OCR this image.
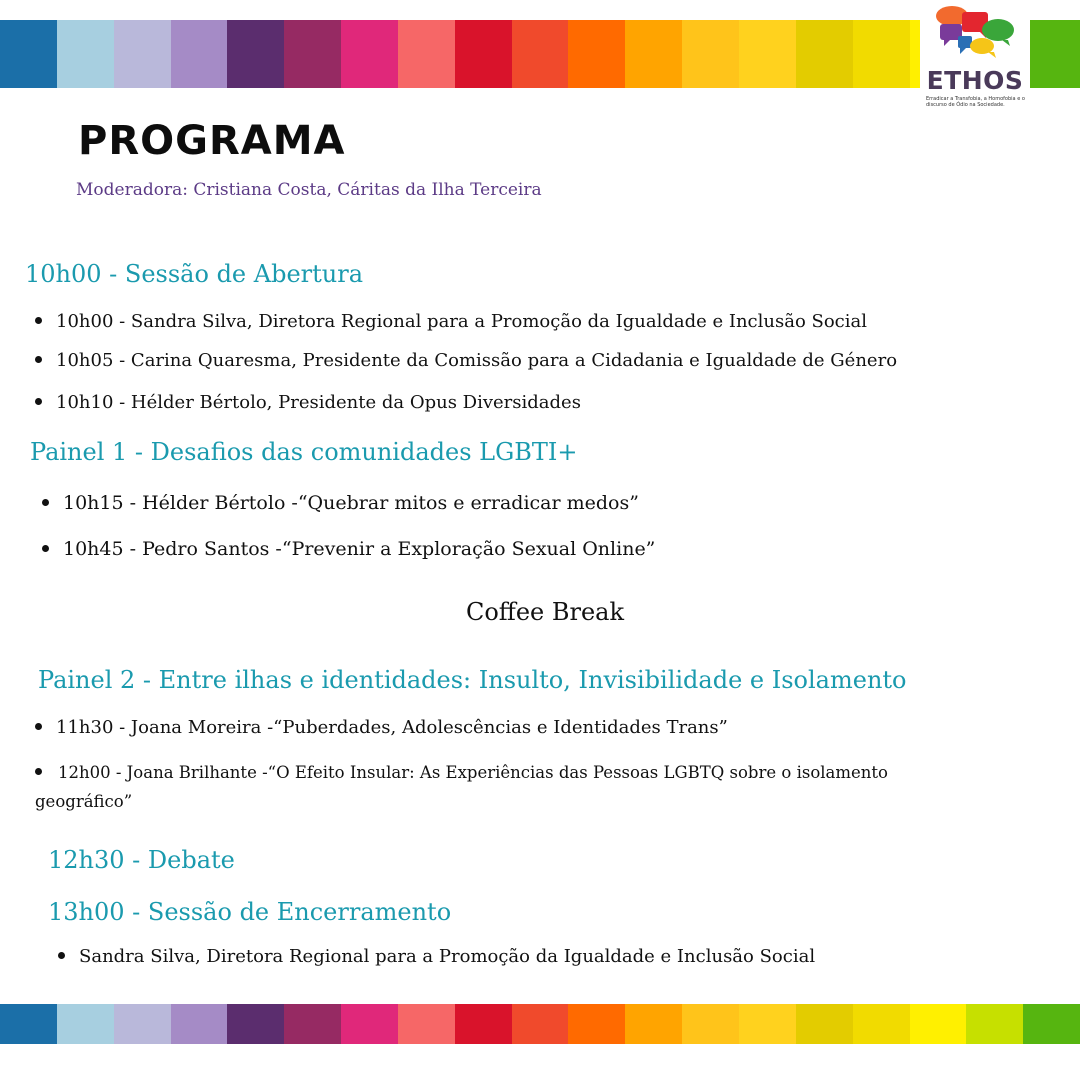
ETHOS
Erradicar a Transfobia, a Homofobia e o discurso de Ódio na Sociedade.
PROGRAMA
Moderadora: Cristiana Costa, Cáritas da Ilha Terceira
10h00 - Sessão de Abertura
10h00 - Sandra Silva, Diretora Regional para a Promoção da Igualdade e Inclusão Social
10h05 - Carina Quaresma, Presidente da Comissão para a Cidadania e Igualdade de Género
10h10 - Hélder Bértolo, Presidente da Opus Diversidades
Painel 1 - Desafios das comunidades LGBTI+
10h15 - Hélder Bértolo -“Quebrar mitos e erradicar medos”
10h45 - Pedro Santos -“Prevenir a Exploração Sexual Online”
Coffee Break
Painel 2 - Entre ilhas e identidades: Insulto, Invisibilidade e Isolamento
11h30 - Joana Moreira -“Puberdades, Adolescências e Identidades Trans”
12h00 - Joana Brilhante -“O Efeito Insular: As Experiências das Pessoas LGBTQ sobre o isolamento geográfico”
12h30 - Debate
13h00 - Sessão de Encerramento
Sandra Silva, Diretora Regional para a Promoção da Igualdade e Inclusão Social
